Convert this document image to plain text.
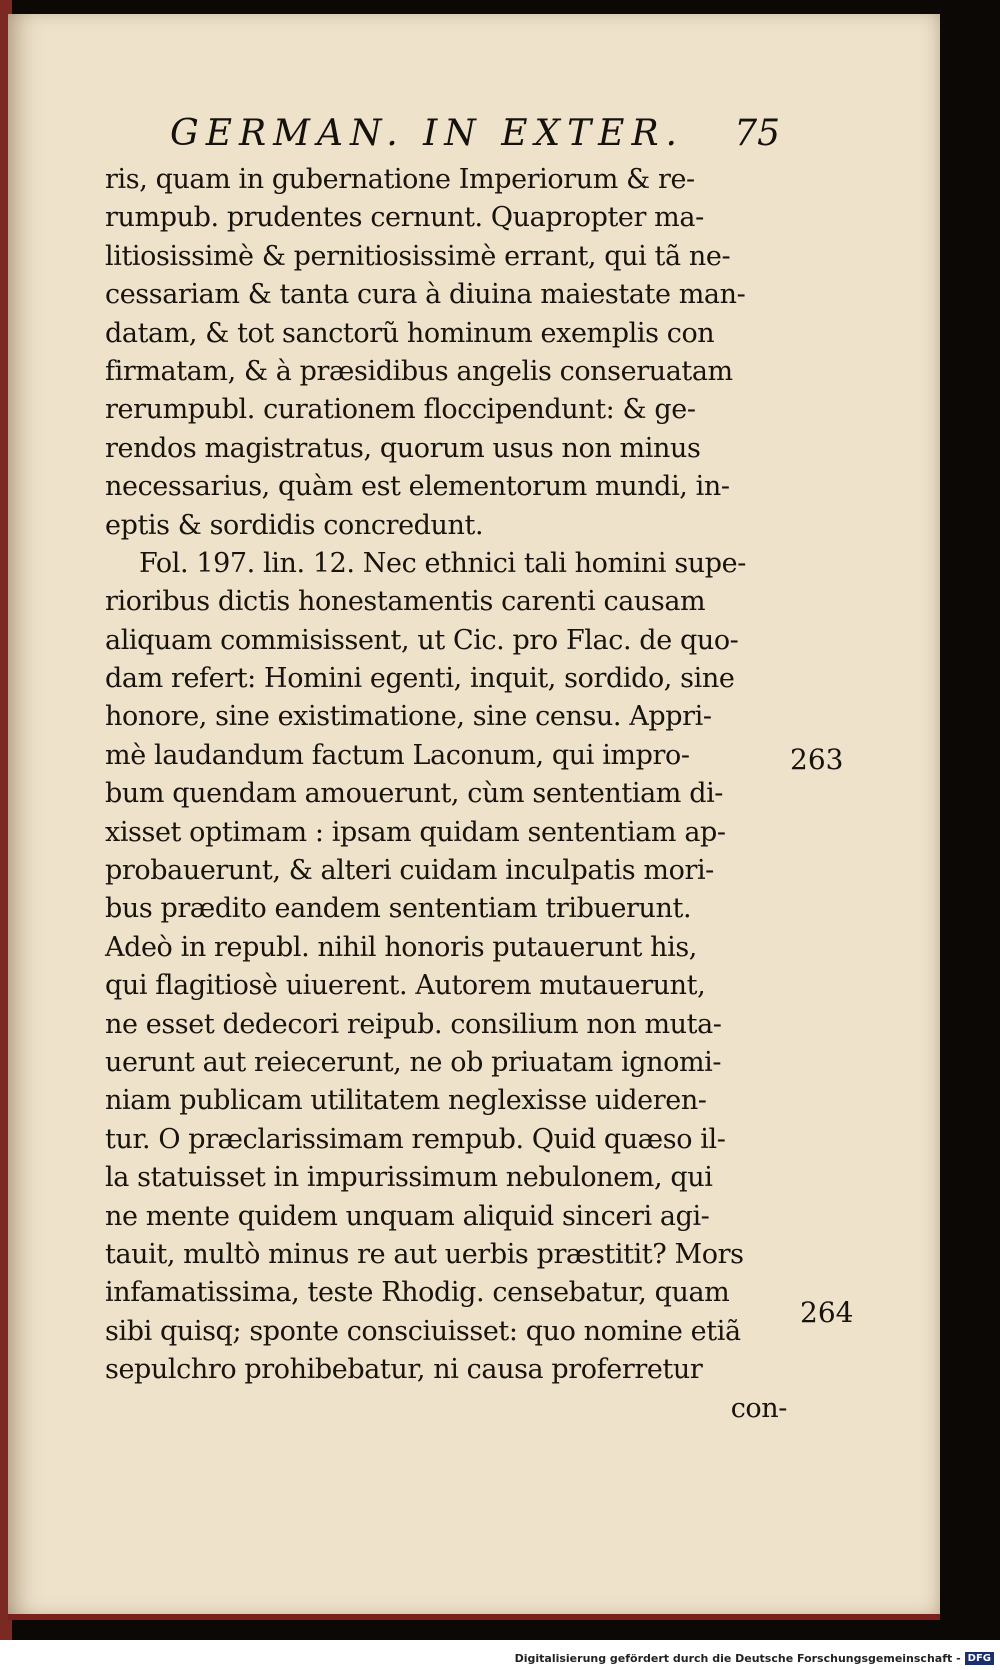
GERMAN. IN EXTER. 75
ris, quam in gubernatione Imperiorum & re-
rumpub. prudentes cernunt. Quapropter ma-
litiosissimè & pernitiosissimè errant, qui tã ne-
cessariam & tanta cura à diuina maiestate man-
datam, & tot sanctorũ hominum exemplis con
firmatam, & à præsidibus angelis conseruatam
rerumpubl. curationem floccipendunt: & ge-
rendos magistratus, quorum usus non minus
necessarius, quàm est elementorum mundi, in-
eptis & sordidis concredunt.
Fol. 197. lin. 12. Nec ethnici tali homini supe-
rioribus dictis honestamentis carenti causam
aliquam commisissent, ut Cic. pro Flac. de quo-
dam refert: Homini egenti, inquit, sordido, sine
honore, sine existimatione, sine censu. Appri-
mè laudandum factum Laconum, qui impro-
bum quendam amouerunt, cùm sententiam di-
xisset optimam : ipsam quidam sententiam ap-
probauerunt, & alteri cuidam inculpatis mori-
bus prædito eandem sententiam tribuerunt.
Adeò in republ. nihil honoris putauerunt his,
qui flagitiosè uiuerent. Autorem mutauerunt,
ne esset dedecori reipub. consilium non muta-
uerunt aut reiecerunt, ne ob priuatam ignomi-
niam publicam utilitatem neglexisse uideren-
tur. O præclarissimam rempub. Quid quæso il-
la statuisset in impurissimum nebulonem, qui
ne mente quidem unquam aliquid sinceri agi-
tauit, multò minus re aut uerbis præstitit? Mors
infamatissima, teste Rhodig. censebatur, quam
sibi quisq; sponte consciuisset: quo nomine etiã
sepulchro prohibebatur, ni causa proferretur
con-
263
264
Digitalisierung gefördert durch die Deutsche Forschungsgemeinschaft - DFG
